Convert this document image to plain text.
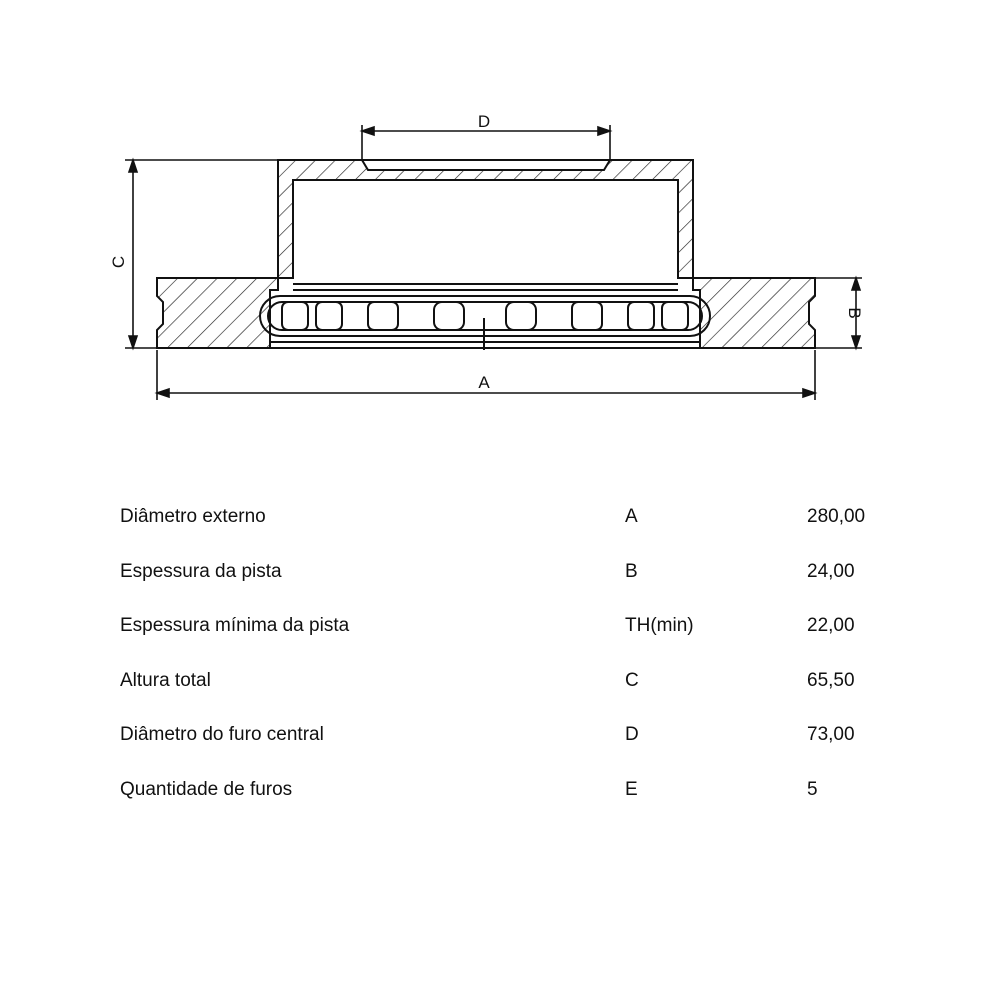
A
D
C
B
Diâmetro externo	A	280,00
Espessura da pista	B	24,00
Espessura mínima da pista	TH(min)	22,00
Altura total	C	65,50
Diâmetro do furo central	D	73,00
Quantidade de furos	E	5
